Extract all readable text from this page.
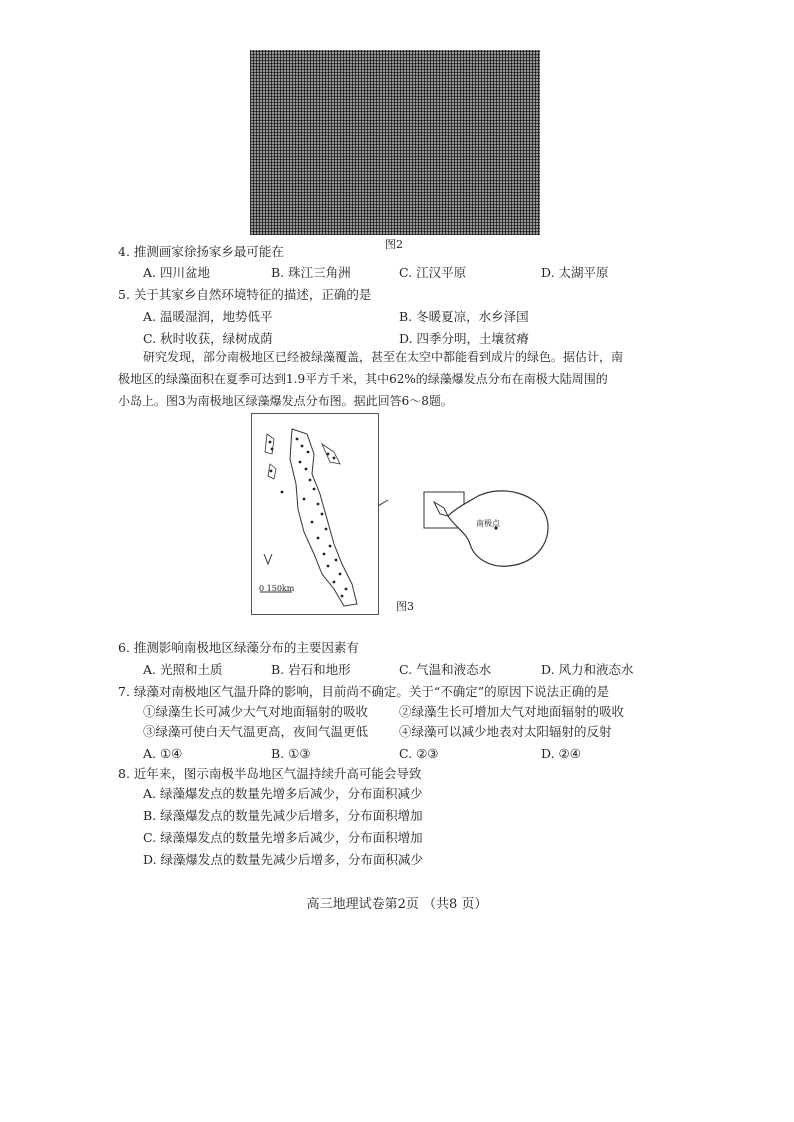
图2
4. 推测画家徐扬家乡最可能在
A. 四川盆地	B. 珠江三角洲	C. 江汉平原	D. 太湖平原
5. 关于其家乡自然环境特征的描述，正确的是
A. 温暖湿润，地势低平	B. 冬暖夏凉，水乡泽国
C. 秋时收获，绿树成荫	D. 四季分明，土壤贫瘠
研究发现，部分南极地区已经被绿藻覆盖，甚至在太空中都能看到成片的绿色。据估计，南
极地区的绿藻面积在夏季可达到1.9平方千米，其中62%的绿藻爆发点分布在南极大陆周围的
小岛上。图3为南极地区绿藻爆发点分布图。据此回答6～8题。
0 150km
图3
南极点
6. 推测影响南极地区绿藻分布的主要因素有
A. 光照和土质	B. 岩石和地形	C. 气温和液态水	D. 风力和液态水
7. 绿藻对南极地区气温升降的影响，目前尚不确定。关于“不确定”的原因下说法正确的是
①绿藻生长可减少大气对地面辐射的吸收 ②绿藻生长可增加大气对地面辐射的吸收
③绿藻可使白天气温更高，夜间气温更低 ④绿藻可以减少地表对太阳辐射的反射
A. ①④	B. ①③	C. ②③	D. ②④
8. 近年来，图示南极半岛地区气温持续升高可能会导致
A. 绿藻爆发点的数量先增多后减少，分布面积减少
B. 绿藻爆发点的数量先减少后增多，分布面积增加
C. 绿藻爆发点的数量先增多后减少，分布面积增加
D. 绿藻爆发点的数量先减少后增多，分布面积减少
高三地理试卷第2页 （共8 页）
